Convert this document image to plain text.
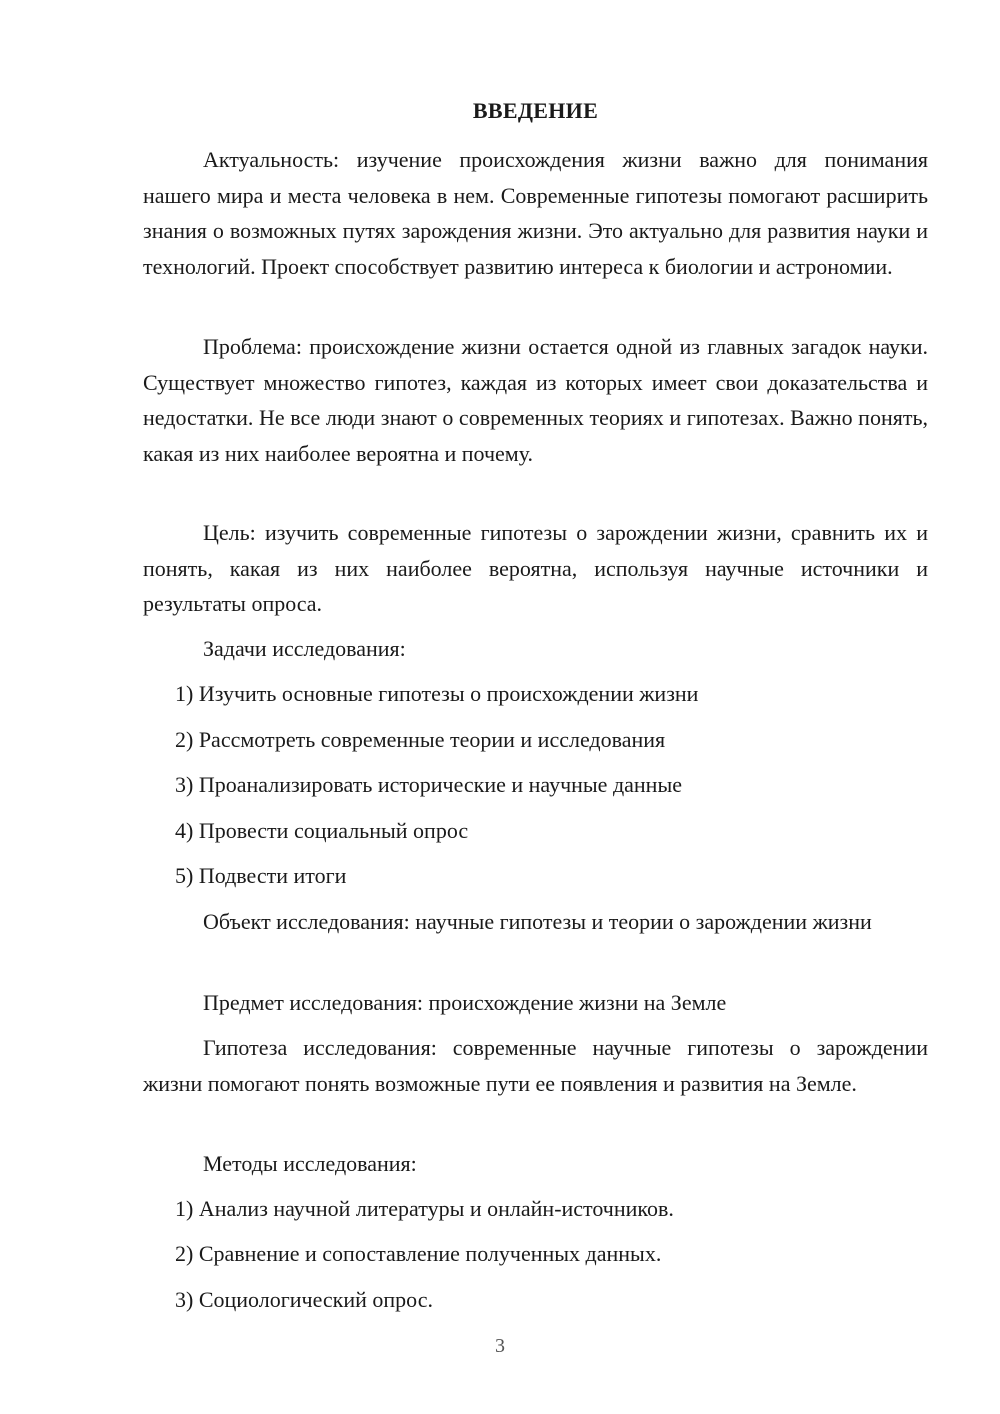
ВВЕДЕНИЕ

Актуальность: изучение происхождения жизни важно для понимания нашего мира и места человека в нем. Современные гипотезы помогают расширить знания о возможных путях зарождения жизни. Это актуально для развития науки и технологий. Проект способствует развитию интереса к биологии и астрономии.

Проблема: происхождение жизни остается одной из главных загадок науки. Существует множество гипотез, каждая из которых имеет свои доказательства и недостатки. Не все люди знают о современных теориях и гипотезах. Важно понять, какая из них наиболее вероятна и почему.

Цель: изучить современные гипотезы о зарождении жизни, сравнить их и понять, какая из них наиболее вероятна, используя научные источники и результаты опроса.

Задачи исследования:

1) Изучить основные гипотезы о происхождении жизни

2) Рассмотреть современные теории и исследования

3) Проанализировать исторические и научные данные

4) Провести социальный опрос

5) Подвести итоги

Объект исследования: научные гипотезы и теории о зарождении жизни

Предмет исследования: происхождение жизни на Земле

Гипотеза исследования: современные научные гипотезы о зарождении жизни помогают понять возможные пути ее появления и развития на Земле.

Методы исследования:

1) Анализ научной литературы и онлайн-источников.

2) Сравнение и сопоставление полученных данных.

3) Социологический опрос.

3
